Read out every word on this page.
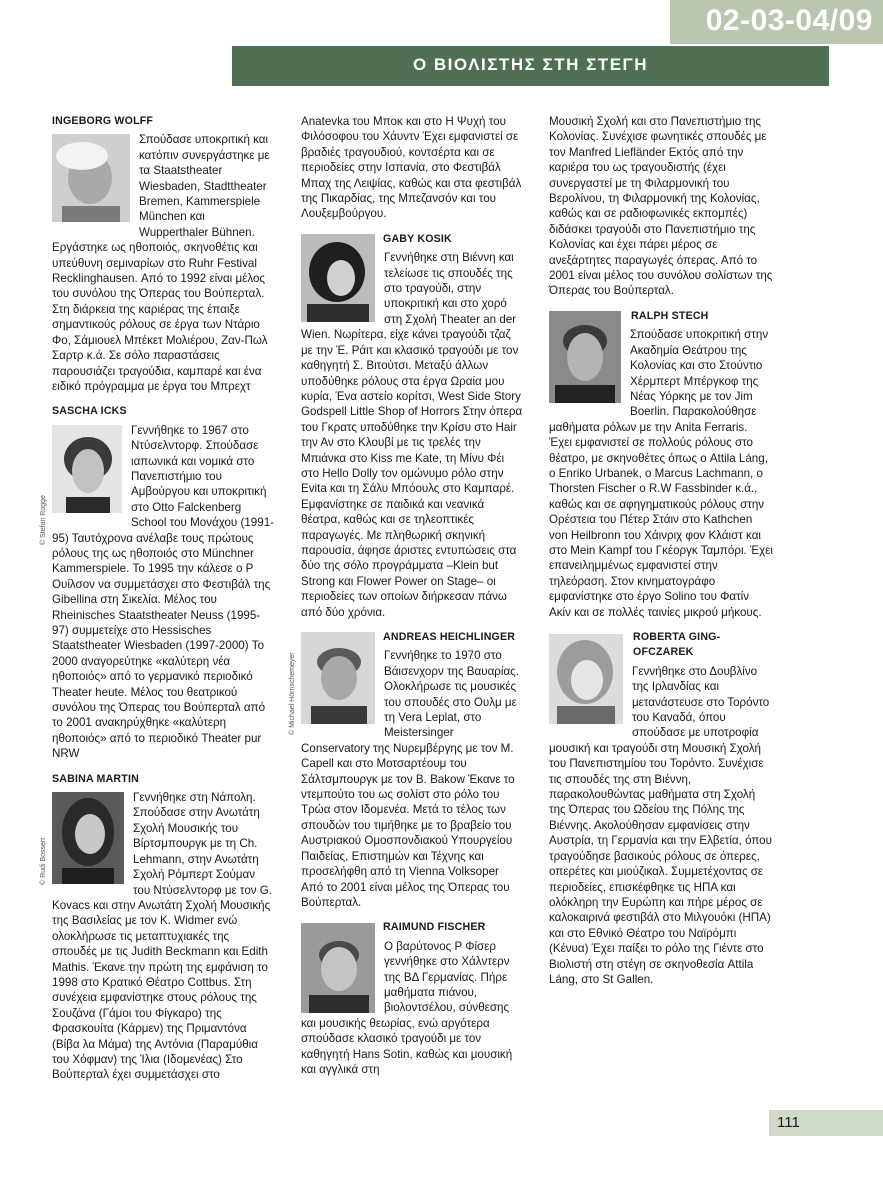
02-03-04/09
Ο ΒΙΟΛΙΣΤΗΣ ΣΤΗ ΣΤΕΓΗ
INGEBORG WOLFF
Σπούδασε υποκριτική και κατόπιν συνεργάστηκε με τα Staatstheater Wiesbaden, Stadttheater Bremen, Kammerspiele München και Wupperthaler Bühnen. Εργάστηκε ως ηθοποιός, σκηνοθέτις και υπεύθυνη σεμιναρίων στο Ruhr Festival Recklinghausen. Από το 1992 είναι μέλος του συνόλου της Όπερας του Βούπερταλ. Στη διάρκεια της καριέρας της έπαιξε σημαντικούς ρόλους σε έργα των Ντάριο Φο, Σάμιουελ Μπέκετ Μολιέρου, Ζαν-Πωλ Σαρτρ κ.ά. Σε σόλο παραστάσεις παρουσιάζει τραγούδια, καμπαρέ και ένα ειδικό πρόγραμμα με έργα του Μπρεχτ
SASCHA ICKS
Γεννήθηκε το 1967 στο Ντύσελντορφ. Σπούδασε ιαπωνικά και νομικά στο Πανεπιστήμιο του Αμβούργου και υποκριτική στο Otto Falckenberg School του Μονάχου (1991-95) Ταυτόχρονα ανέλαβε τους πρώτους ρόλους της ως ηθοποιός στο Münchner Kammerspiele. Το 1995 την κάλεσε ο Ρ Ουίλσον να συμμετάσχει στο Φεστιβάλ της Gibellina στη Σικελία. Μέλος του Rheinisches Staatstheater Neuss (1995-97) συμμετείχε στο Hessisches Staatstheater Wiesbaden (1997-2000) Το 2000 αναγορεύτηκε «καλύτερη νέα ηθοποιός» από το γερμανικό περιοδικό Theater heute. Μέλος του θεατρικού συνόλου της Όπερας του Βούπερταλ από το 2001 ανακηρύχθηκε «καλύτερη ηθοποιός» από το περιοδικό Theater pur NRW
SABINA MARTIN
Γεννήθηκε στη Νάπολη. Σπούδασε στην Ανωτάτη Σχολή Μουσικής του Βίρτσμπουργκ με τη Ch. Lehmann, στην Ανωτάτη Σχολή Ρόμπερτ Σούμαν του Ντύσελντορφ με τον G. Kovacs και στην Ανωτάτη Σχολή Μουσικής της Βασιλείας με τον K. Widmer ενώ ολοκλήρωσε τις μεταπτυχιακές της σπουδές με τις Judith Beckmann και Edith Mathis. Έκανε την πρώτη της εμφάνιση το 1998 στο Κρατικό Θέατρο Cottbus. Στη συνέχεια εμφανίστηκε στους ρόλους της Σουζάνα (Γάμοι του Φίγκαρο) της Φρασκουίτα (Κάρμεν) της Πριμαντόνα (Βίβα λα Μάμα) της Αντόνια (Παραμύθια του Χόφμαν) της Ίλια (Ιδομενέας) Στο Βούπερταλ έχει συμμετάσχει στο
Anatevka του Μποκ και στο Η Ψυχή του Φιλόσοφου του Χάυντν Έχει εμφανιστεί σε βραδιές τραγουδιού, κοντσέρτα και σε περιοδείες στην Ισπανία, στο Φεστιβάλ Μπαχ της Λειψίας, καθώς και στα φεστιβάλ της Πικαρδίας, της Μπεζανσόν και του Λουξεμβούργου.
GABY KOSIK
Γεννήθηκε στη Βιέννη και τελείωσε τις σπουδές της στο τραγούδι, στην υποκριτική και στο χορό στη Σχολή Theater an der Wien. Νωρίτερα, είχε κάνει τραγούδι τζαζ με την Έ. Ράιτ και κλασικό τραγούδι με τον καθηγητή Σ. Βιτούτσι. Μεταξύ άλλων υποδύθηκε ρόλους στα έργα Ωραία μου κυρία, Ένα αστείο κορίτσι, West Side Story Godspell Little Shop of Horrors Στην όπερα του Γκρατς υποδύθηκε την Κρίσυ στο Hair την Αν στο Κλουβί με τις τρελές την Μπιάνκα στο Kiss me Kate, τη Μίνυ Φέι στο Hello Dolly τον ομώνυμο ρόλο στην Evita και τη Σάλυ Μπόουλς στο Καμπαρέ. Εμφανίστηκε σε παιδικά και νεανικά θέατρα, καθώς και σε τηλεοπτικές παραγωγές. Με πληθωρική σκηνική παρουσία, άφησε άριστες εντυπώσεις στα δύο της σόλο προγράμματα –Klein but Strong και Flower Power on Stage– οι περιοδείες των οποίων διήρκεσαν πάνω από δύο χρόνια.
ANDREAS HEICHLINGER
Γεννήθηκε το 1970 στο Βάισενχορν της Βαυαρίας. Ολοκλήρωσε τις μουσικές του σπουδές στο Ουλμ με τη Vera Leplat, στο Meistersinger Conservatory της Νυρεμβέργης με τον M. Capell και στο Μοτσαρτέουμ του Σάλτσμπουργκ με τον B. Bakow Έκανε το ντεμπούτο του ως σολίστ στο ρόλο του Τρώα στον Ιδομενέα. Μετά το τέλος των σπουδών του τιμήθηκε με το βραβείο του Αυστριακού Ομοσπονδιακού Υπουργείου Παιδείας, Επιστημών και Τέχνης και προσελήφθη από τη Vienna Volksoper Από το 2001 είναι μέλος της Όπερας του Βούπερταλ.
RAIMUND FISCHER
Ο βαρύτονος Ρ Φίσερ γεννήθηκε στο Χάλντερν της ΒΔ Γερμανίας. Πήρε μαθήματα πιάνου, βιολοντσέλου, σύνθεσης και μουσικής θεωρίας, ενώ αργότερα σπούδασε κλασικό τραγούδι με τον καθηγητή Hans Sotin, καθώς και μουσική και αγγλικά στη
Μουσική Σχολή και στο Πανεπιστήμιο της Κολονίας. Συνέχισε φωνητικές σπουδές με τον Manfred Liefländer Εκτός από την καριέρα του ως τραγουδιστής (έχει συνεργαστεί με τη Φιλαρμονική του Βερολίνου, τη Φιλαρμονική της Κολονίας, καθώς και σε ραδιοφωνικές εκπομπές) διδάσκει τραγούδι στο Πανεπιστήμιο της Κολονίας και έχει πάρει μέρος σε ανεξάρτητες παραγωγές όπερας. Από το 2001 είναι μέλος του συνόλου σολίστων της Όπερας του Βούπερταλ.
RALPH STECH
Σπούδασε υποκριτική στην Ακαδημία Θεάτρου της Κολονίας και στο Στούντιο Χέρμπερτ Μπέργκοφ της Νέας Υόρκης με τον Jim Boerlin. Παρακολούθησε μαθήματα ρόλων με την Anita Ferraris. Έχει εμφανιστεί σε πολλούς ρόλους στο θέατρο, με σκηνοθέτες όπως ο Attila Láng, ο Enriko Urbanek, ο Marcus Lachmann, ο Thorsten Fischer ο R.W Fassbinder κ.ά., καθώς και σε αφηγηματικούς ρόλους στην Ορέστεια του Πέτερ Στάιν στο Kathchen von Heilbronn του Χάινριχ φον Κλάιστ και στο Mein Kampf του Γκέοργκ Ταμπόρι. Έχει επανειλημμένως εμφανιστεί στην τηλεόραση. Στον κινηματογράφο εμφανίστηκε στο έργο Solino του Φατίν Ακίν και σε πολλές ταινίες μικρού μήκους.
ROBERTA GING-OFCZAREK
Γεννήθηκε στο Δουβλίνο της Ιρλανδίας και μετανάστευσε στο Τορόντο του Καναδά, όπου σπούδασε με υποτροφία μουσική και τραγούδι στη Μουσική Σχολή του Πανεπιστημίου του Τορόντο. Συνέχισε τις σπουδές της στη Βιέννη, παρακολουθώντας μαθήματα στη Σχολή της Όπερας του Ωδείου της Πόλης της Βιέννης. Ακολούθησαν εμφανίσεις στην Αυστρία, τη Γερμανία και την Ελβετία, όπου τραγούδησε βασικούς ρόλους σε όπερες, οπερέτες και μιούζικαλ. Συμμετέχοντας σε περιοδείες, επισκέφθηκε τις ΗΠΑ και ολόκληρη την Ευρώπη και πήρε μέρος σε καλοκαιρινά φεστιβάλ στο Μιλγουόκι (ΗΠΑ) και στο Εθνικό Θέατρο του Ναϊρόμπι (Κένυα) Έχει παίξει το ρόλο της Γιέντε στο Βιολιστή στη στέγη σε σκηνοθεσία Attila Láng, στο St Gallen.
© Stefan Rogge
© Rudi Bossert
© Michael Hörnschemeyer
111
